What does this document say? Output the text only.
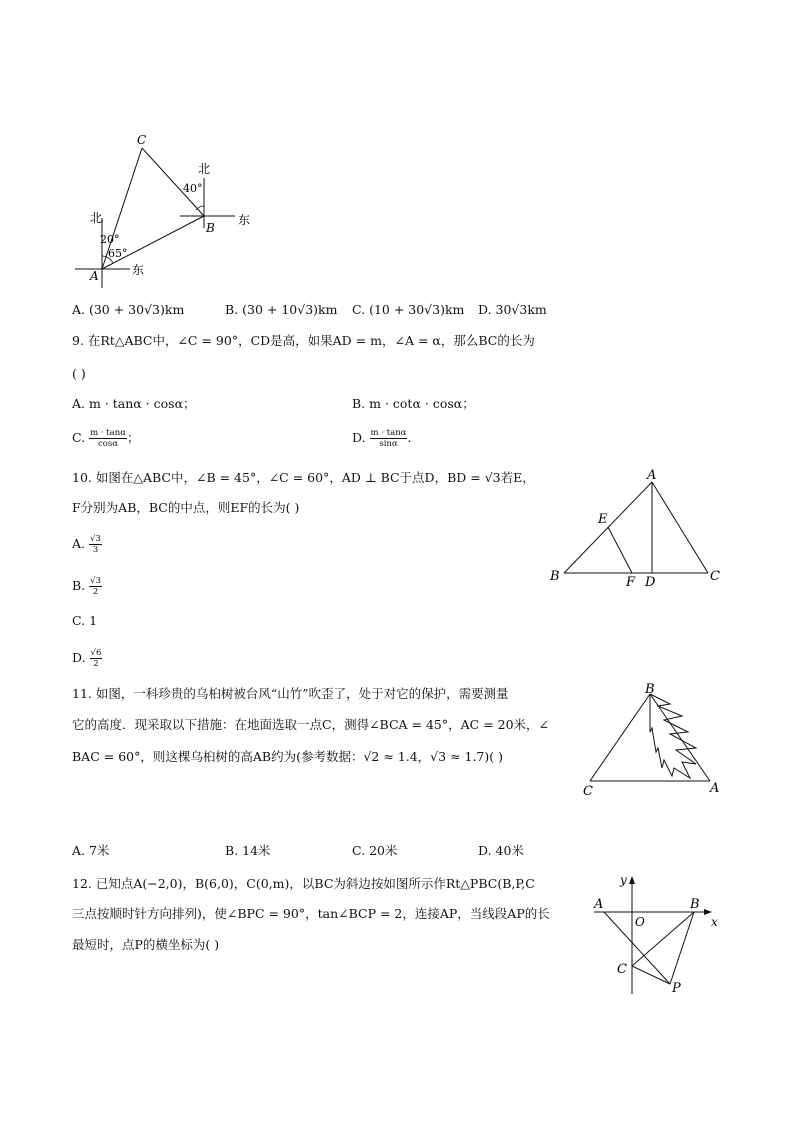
C
北
40°
B
东
北
20°
65°
A	东
A. (30 + 30√3)km	B. (30 + 10√3)km C. (10 + 30√3)km D. 30√3km
9. 在Rt△ABC中，∠C = 90°，CD是高，如果AD = m，∠A = α，那么BC的长为
( )
A. m · tanα · cosα；	B. m · cotα · cosα；
C. $\frac{m \cdot \tan\alpha}{\cos\alpha}$ ；	D. $\frac{m \cdot \tan\alpha}{\sin\alpha}$ .
10. 如图在△ABC中，∠B = 45°，∠C = 60°，AD ⊥ BC于点D，BD = √3若E，
F分别为AB，BC的中点，则EF的长为( )
A. $\frac{√3}{3}$
B. $\frac{√3}{2}$
C. 1
D. $\frac{√6}{2}$
A
E
B	F D	C
11. 如图，一科珍贵的乌桕树被台风“山竹”吹歪了，处于对它的保护，需要测量
它的高度．现采取以下措施：在地面选取一点C，测得∠BCA = 45°，AC = 20米，∠
BAC = 60°，则这棵乌桕树的高AB约为(参考数据：√2 ≈ 1.4，√3 ≈ 1.7)( )
B
C	A
A. 7米	B. 14米	C. 20米	D. 40米
12. 已知点A(−2,0)，B(6,0)，C(0,m)，以BC为斜边按如图所示作Rt△PBC(B,P,C
三点按顺时针方向排列)，使∠BPC = 90°，tan∠BCP = 2，连接AP，当线段AP的长
最短时，点P的横坐标为( )
y
x
A
O
B
C
P
